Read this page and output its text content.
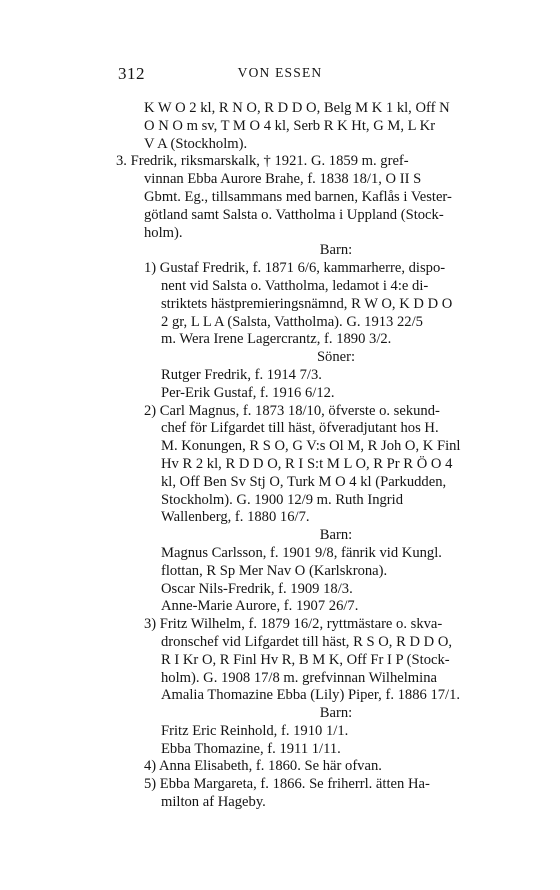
312	VON ESSEN
K W O 2 kl, R N O, R D D O, Belg M K 1 kl, Off N
O N O m sv, T M O 4 kl, Serb R K Ht, G M, L Kr
V A (Stockholm).
3. Fredrik, riksmarskalk, † 1921. G. 1859 m. gref-
vinnan Ebba Aurore Brahe, f. 1838 18/1, O II S
Gbmt. Eg., tillsammans med barnen, Kaflås i Vester-
götland samt Salsta o. Vattholma i Uppland (Stock-
holm).
Barn:
1) Gustaf Fredrik, f. 1871 6/6, kammarherre, dispo-
nent vid Salsta o. Vattholma, ledamot i 4:e di-
striktets hästpremieringsnämnd, R W O, K D D O
2 gr, L L A (Salsta, Vattholma). G. 1913 22/5
m. Wera Irene Lagercrantz, f. 1890 3/2.
Söner:
Rutger Fredrik, f. 1914 7/3.
Per-Erik Gustaf, f. 1916 6/12.
2) Carl Magnus, f. 1873 18/10, öfverste o. sekund-
chef för Lifgardet till häst, öfveradjutant hos H.
M. Konungen, R S O, G V:s Ol M, R Joh O, K Finl
Hv R 2 kl, R D D O, R I S:t M L O, R Pr R Ö O 4
kl, Off Ben Sv Stj O, Turk M O 4 kl (Parkudden,
Stockholm). G. 1900 12/9 m. Ruth Ingrid
Wallenberg, f. 1880 16/7.
Barn:
Magnus Carlsson, f. 1901 9/8, fänrik vid Kungl.
flottan, R Sp Mer Nav O (Karlskrona).
Oscar Nils-Fredrik, f. 1909 18/3.
Anne-Marie Aurore, f. 1907 26/7.
3) Fritz Wilhelm, f. 1879 16/2, ryttmästare o. skva-
dronschef vid Lifgardet till häst, R S O, R D D O,
R I Kr O, R Finl Hv R, B M K, Off Fr I P (Stock-
holm). G. 1908 17/8 m. grefvinnan Wilhelmina
Amalia Thomazine Ebba (Lily) Piper, f. 1886 17/1.
Barn:
Fritz Eric Reinhold, f. 1910 1/1.
Ebba Thomazine, f. 1911 1/11.
4) Anna Elisabeth, f. 1860. Se här ofvan.
5) Ebba Margareta, f. 1866. Se friherrl. ätten Ha-
milton af Hageby.
